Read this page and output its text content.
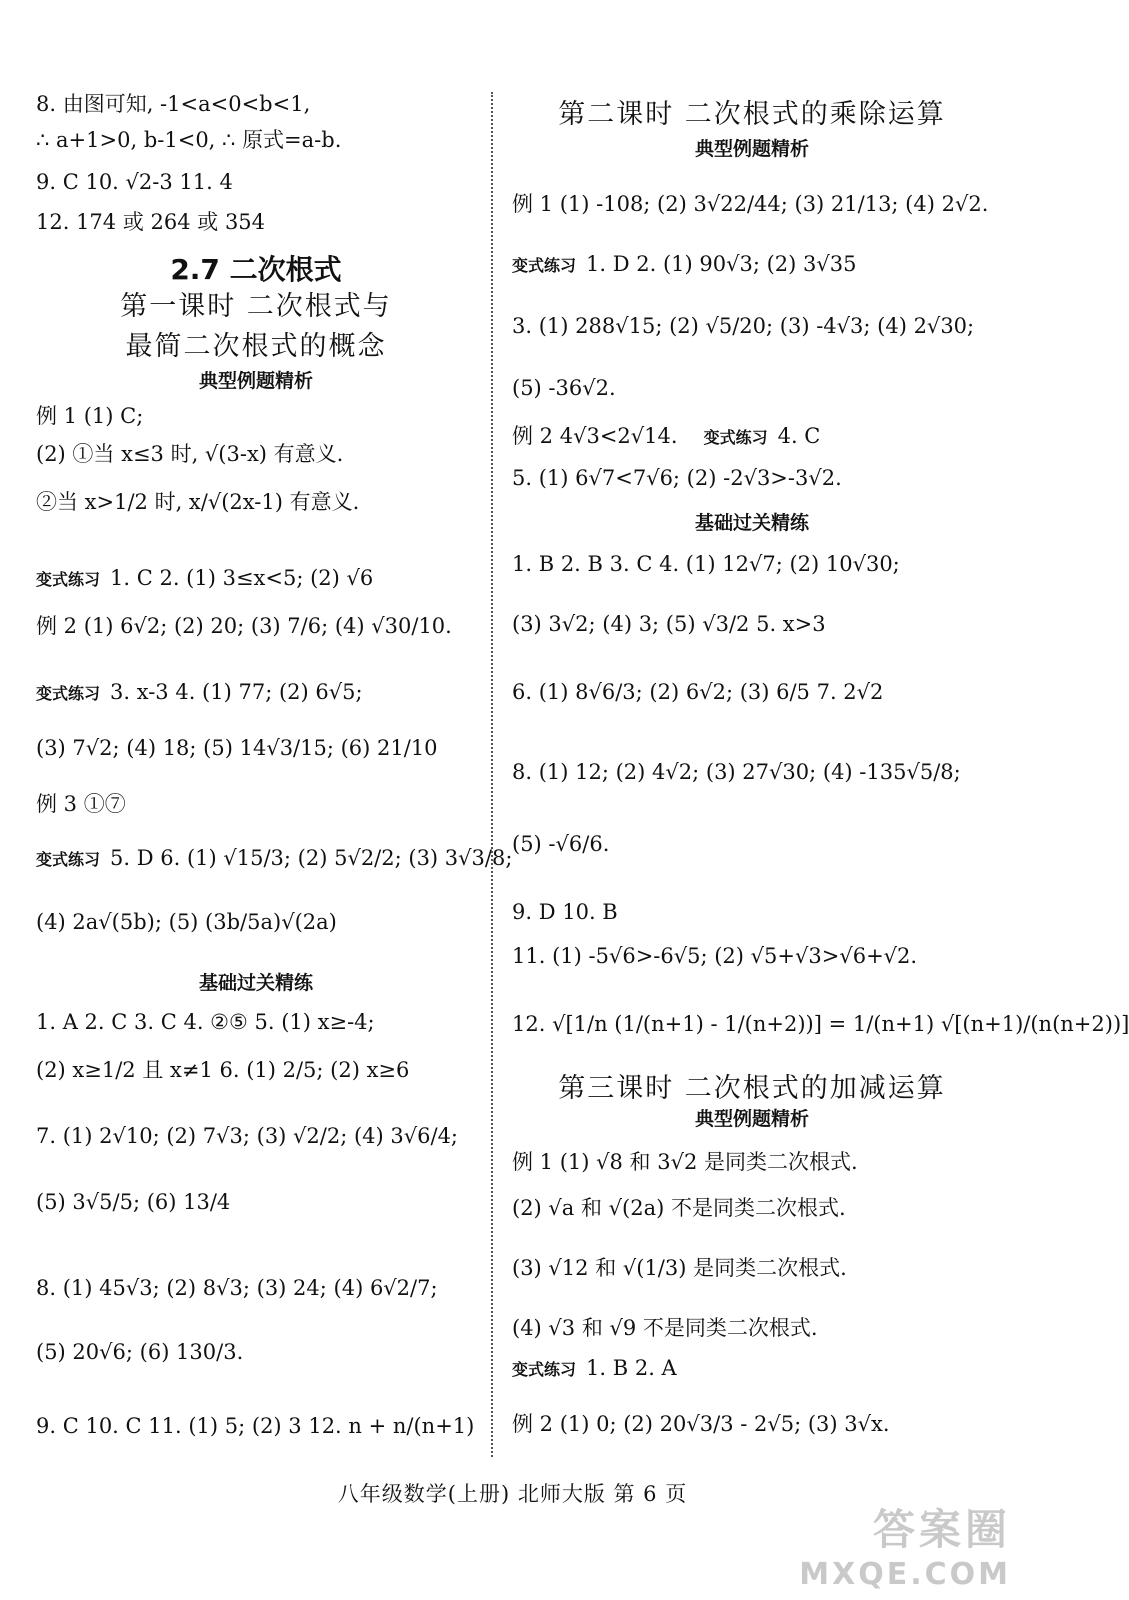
8. 由图可知, -1<a<0<b<1,
∴ a+1>0, b-1<0, ∴ 原式=a-b.
9. C 10. √2-3 11. 4
12. 174 或 264 或 354
2.7 二次根式
第一课时 二次根式与
最简二次根式的概念
典型例题精析
例 1 (1) C;
(2) ①当 x≤3 时, √(3-x) 有意义.
②当 x>1/2 时, x/√(2x-1) 有意义.
变式练习 1. C 2. (1) 3≤x<5; (2) √6
例 2 (1) 6√2; (2) 20; (3) 7/6; (4) √30/10.
变式练习 3. x-3 4. (1) 77; (2) 6√5;
(3) 7√2; (4) 18; (5) 14√3/15; (6) 21/10
例 3 ①⑦
变式练习 5. D 6. (1) √15/3; (2) 5√2/2; (3) 3√3/8;
(4) 2a√(5b); (5) (3b/5a)√(2a)
基础过关精练
1. A 2. C 3. C 4. ②⑤ 5. (1) x≥-4;
(2) x≥1/2 且 x≠1 6. (1) 2/5; (2) x≥6
7. (1) 2√10; (2) 7√3; (3) √2/2; (4) 3√6/4;
(5) 3√5/5; (6) 13/4
8. (1) 45√3; (2) 8√3; (3) 24; (4) 6√2/7;
(5) 20√6; (6) 130/3.
9. C 10. C 11. (1) 5; (2) 3 12. n + n/(n+1)
第二课时 二次根式的乘除运算
典型例题精析
例 1 (1) -108; (2) 3√22/44; (3) 21/13; (4) 2√2.
变式练习 1. D 2. (1) 90√3; (2) 3√35
3. (1) 288√15; (2) √5/20; (3) -4√3; (4) 2√30;
(5) -36√2.
例 2 4√3<2√14. 变式练习 4. C
5. (1) 6√7<7√6; (2) -2√3>-3√2.
基础过关精练
1. B 2. B 3. C 4. (1) 12√7; (2) 10√30;
(3) 3√2; (4) 3; (5) √3/2 5. x>3
6. (1) 8√6/3; (2) 6√2; (3) 6/5 7. 2√2
8. (1) 12; (2) 4√2; (3) 27√30; (4) -135√5/8;
(5) -√6/6.
9. D 10. B
11. (1) -5√6>-6√5; (2) √5+√3>√6+√2.
12. √[1/n (1/(n+1) - 1/(n+2))] = 1/(n+1) √[(n+1)/(n(n+2))]
第三课时 二次根式的加减运算
典型例题精析
例 1 (1) √8 和 3√2 是同类二次根式.
(2) √a 和 √(2a) 不是同类二次根式.
(3) √12 和 √(1/3) 是同类二次根式.
(4) √3 和 √9 不是同类二次根式.
变式练习 1. B 2. A
例 2 (1) 0; (2) 20√3/3 - 2√5; (3) 3√x.
八年级数学(上册) 北师大版 第 6 页
答案圈
MXQE.COM
